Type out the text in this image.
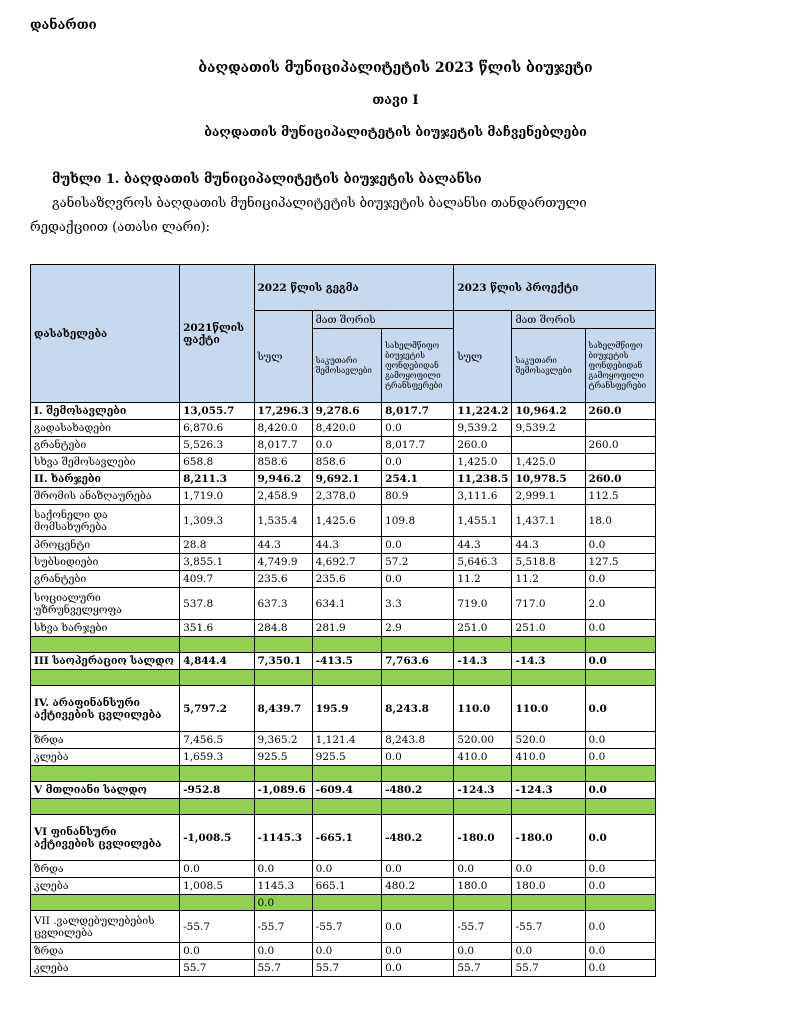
დანართი
ბაღდათის მუნიციპალიტეტის 2023 წლის ბიუჯეტი
თავი I
ბაღდათის მუნიციპალიტეტის ბიუჯეტის მაჩვენებლები
მუხლი 1. ბაღდათის მუნიციპალიტეტის ბიუჯეტის ბალანსი
განისაზღვროს ბაღდათის მუნიციპალიტეტის ბიუჯეტის ბალანსი თანდართული
რედაქციით (ათასი ლარი):
დასახელება	2021წლის ფაქტი	2022 წლის გეგმა			2023 წლის პროექტი		
		სულ	მათ შორის		სულ	მათ შორის	
			საკუთარი შემოსავლები	სახელმწიფო ბიუჯეტის ფონდებიდან გამოყოფილი ტრანსფერები		საკუთარი შემოსავლები	სახელმწიფო ბიუჯეტის ფონდებიდან გამოყოფილი ტრანსფერები
I. შემოსავლები	13,055.7	17,296.3	9,278.6	8,017.7	11,224.2	10,964.2	260.0
გადასახადები	6,870.6	8,420.0	8,420.0	0.0	9,539.2	9,539.2	
გრანტები	5,526.3	8,017.7	0.0	8,017.7	260.0		260.0
სხვა შემოსავლები	658.8	858.6	858.6	0.0	1,425.0	1,425.0	
II. ხარჯები	8,211.3	9,946.2	9,692.1	254.1	11,238.5	10,978.5	260.0
შრომის ანაზღაურება	1,719.0	2,458.9	2,378.0	80.9	3,111.6	2,999.1	112.5
საქონელი და მომსახურება	1,309.3	1,535.4	1,425.6	109.8	1,455.1	1,437.1	18.0
პროცენტი	28.8	44.3	44.3	0.0	44.3	44.3	0.0
სუბსიდიები	3,855.1	4,749.9	4,692.7	57.2	5,646.3	5,518.8	127.5
გრანტები	409.7	235.6	235.6	0.0	11.2	11.2	0.0
სოციალური უზრუნველყოფა	537.8	637.3	634.1	3.3	719.0	717.0	2.0
სხვა ხარჯები	351.6	284.8	281.9	2.9	251.0	251.0	0.0

III საოპერაციო სალდო	4,844.4	7,350.1	-413.5	7,763.6	-14.3	-14.3	0.0

IV. არაფინანსური აქტივების ცვლილება	5,797.2	8,439.7	195.9	8,243.8	110.0	110.0	0.0
ზრდა	7,456.5	9,365.2	1,121.4	8,243.8	520.00	520.0	0.0
კლება	1,659.3	925.5	925.5	0.0	410.0	410.0	0.0

V მთლიანი სალდო	-952.8	-1,089.6	-609.4	-480.2	-124.3	-124.3	0.0

VI ფინანსური აქტივების ცვლილება	-1,008.5	-1145.3	-665.1	-480.2	-180.0	-180.0	0.0
ზრდა	0.0	0.0	0.0	0.0	0.0	0.0	0.0
კლება	1,008.5	1145.3	665.1	480.2	180.0	180.0	0.0
		0.0					
VII .ვალდებულებების ცვლილება	-55.7	-55.7	-55.7	0.0	-55.7	-55.7	0.0
ზრდა	0.0	0.0	0.0	0.0	0.0	0.0	0.0
კლება	55.7	55.7	55.7	0.0	55.7	55.7	0.0
